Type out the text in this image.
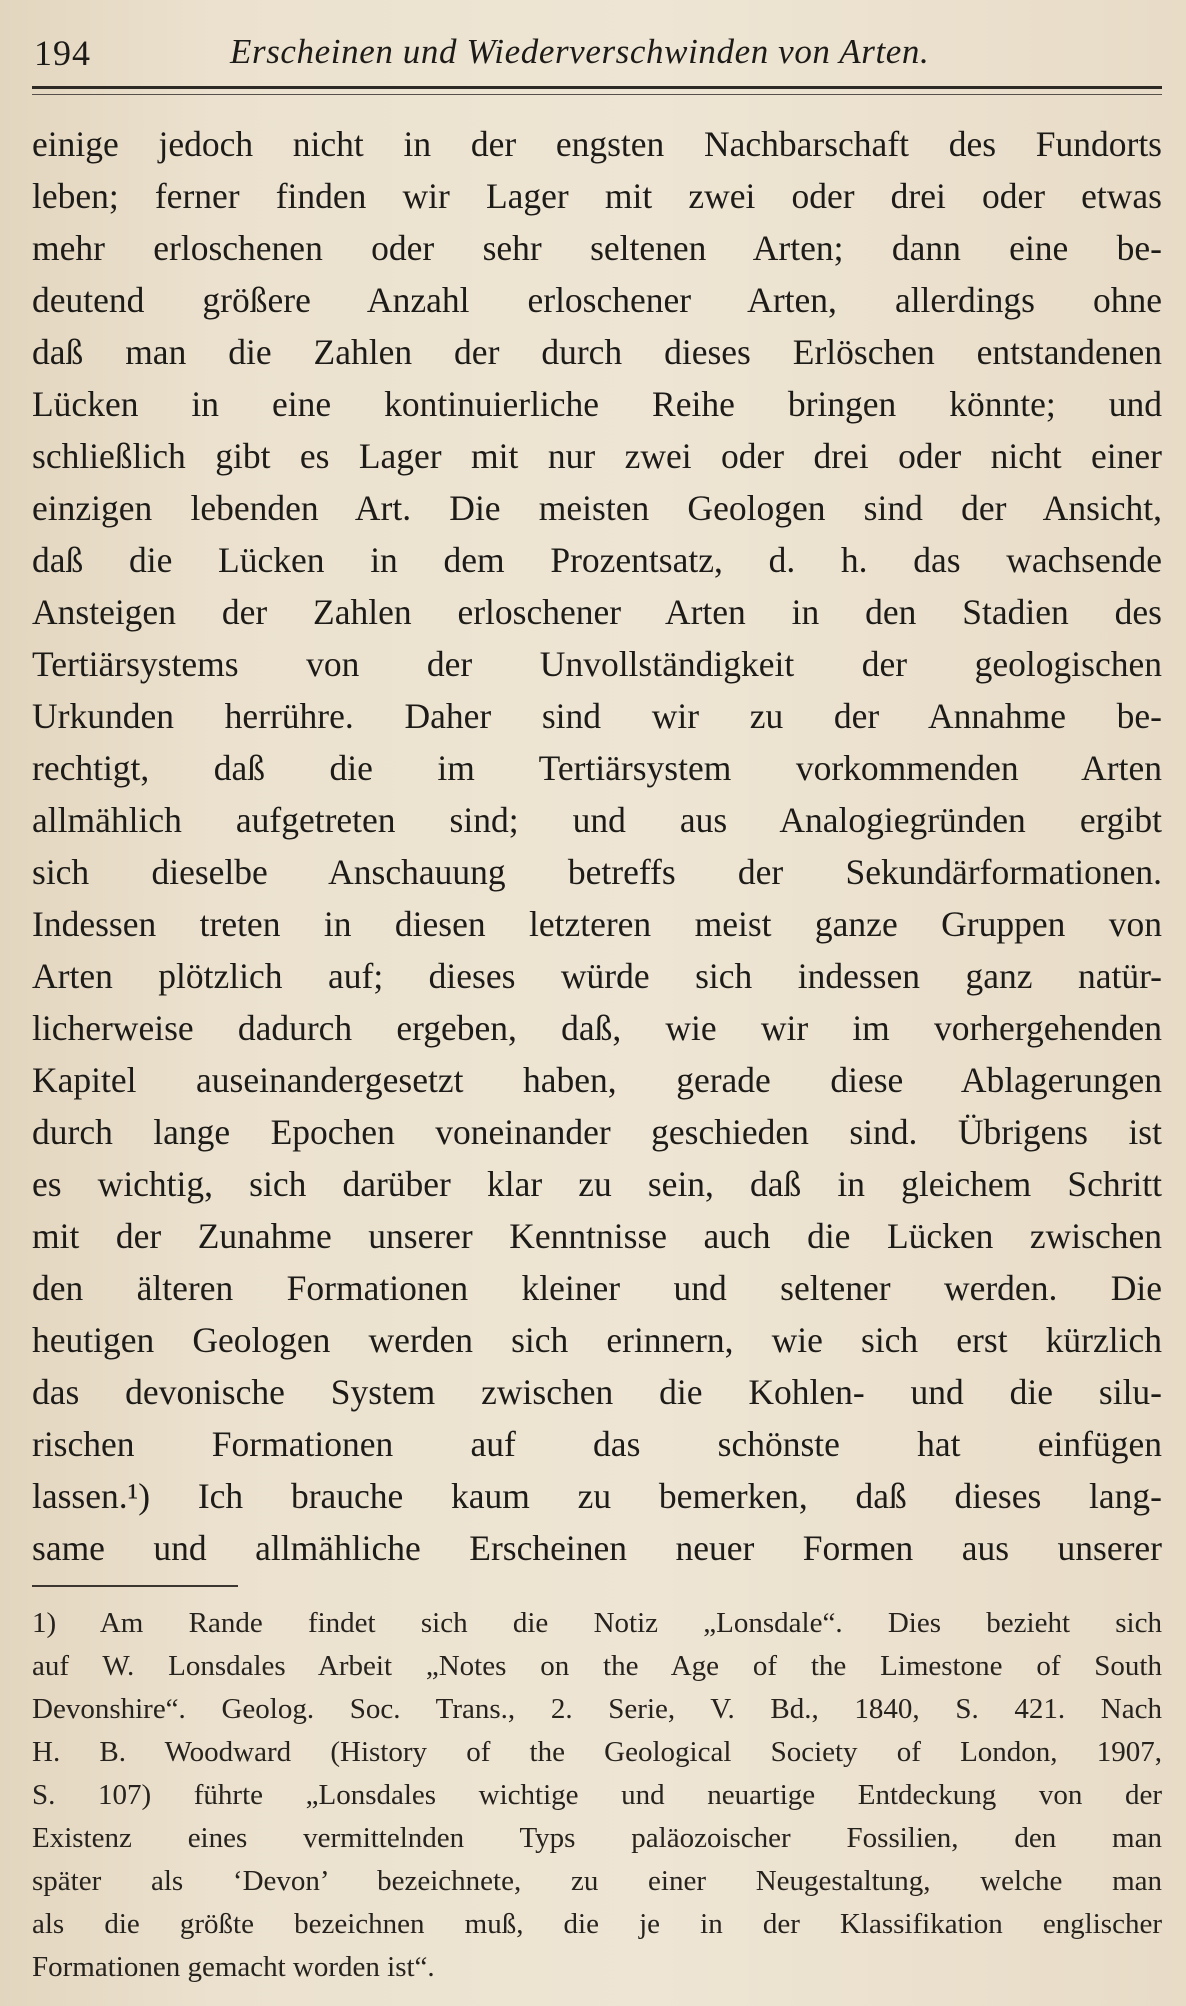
194	Erscheinen und Wiederverschwinden von Arten.
einige jedoch nicht in der engsten Nachbarschaft des Fundorts
leben; ferner finden wir Lager mit zwei oder drei oder etwas
mehr erloschenen oder sehr seltenen Arten; dann eine be-
deutend größere Anzahl erloschener Arten, allerdings ohne
daß man die Zahlen der durch dieses Erlöschen entstandenen
Lücken in eine kontinuierliche Reihe bringen könnte; und
schließlich gibt es Lager mit nur zwei oder drei oder nicht einer
einzigen lebenden Art. Die meisten Geologen sind der Ansicht,
daß die Lücken in dem Prozentsatz, d. h. das wachsende
Ansteigen der Zahlen erloschener Arten in den Stadien des
Tertiärsystems von der Unvollständigkeit der geologischen
Urkunden herrühre. Daher sind wir zu der Annahme be-
rechtigt, daß die im Tertiärsystem vorkommenden Arten
allmählich aufgetreten sind; und aus Analogiegründen ergibt
sich dieselbe Anschauung betreffs der Sekundärformationen.
Indessen treten in diesen letzteren meist ganze Gruppen von
Arten plötzlich auf; dieses würde sich indessen ganz natür-
licherweise dadurch ergeben, daß, wie wir im vorhergehenden
Kapitel auseinandergesetzt haben, gerade diese Ablagerungen
durch lange Epochen voneinander geschieden sind. Übrigens ist
es wichtig, sich darüber klar zu sein, daß in gleichem Schritt
mit der Zunahme unserer Kenntnisse auch die Lücken zwischen
den älteren Formationen kleiner und seltener werden. Die
heutigen Geologen werden sich erinnern, wie sich erst kürzlich
das devonische System zwischen die Kohlen- und die silu-
rischen Formationen auf das schönste hat einfügen
lassen.¹) Ich brauche kaum zu bemerken, daß dieses lang-
same und allmähliche Erscheinen neuer Formen aus unserer
1) Am Rande findet sich die Notiz „Lonsdale“. Dies bezieht sich
auf W. Lonsdales Arbeit „Notes on the Age of the Limestone of South
Devonshire“. Geolog. Soc. Trans., 2. Serie, V. Bd., 1840, S. 421. Nach
H. B. Woodward (History of the Geological Society of London, 1907,
S. 107) führte „Lonsdales wichtige und neuartige Entdeckung von der
Existenz eines vermittelnden Typs paläozoischer Fossilien, den man
später als ‘Devon’ bezeichnete, zu einer Neugestaltung, welche man
als die größte bezeichnen muß, die je in der Klassifikation englischer
Formationen gemacht worden ist“.
